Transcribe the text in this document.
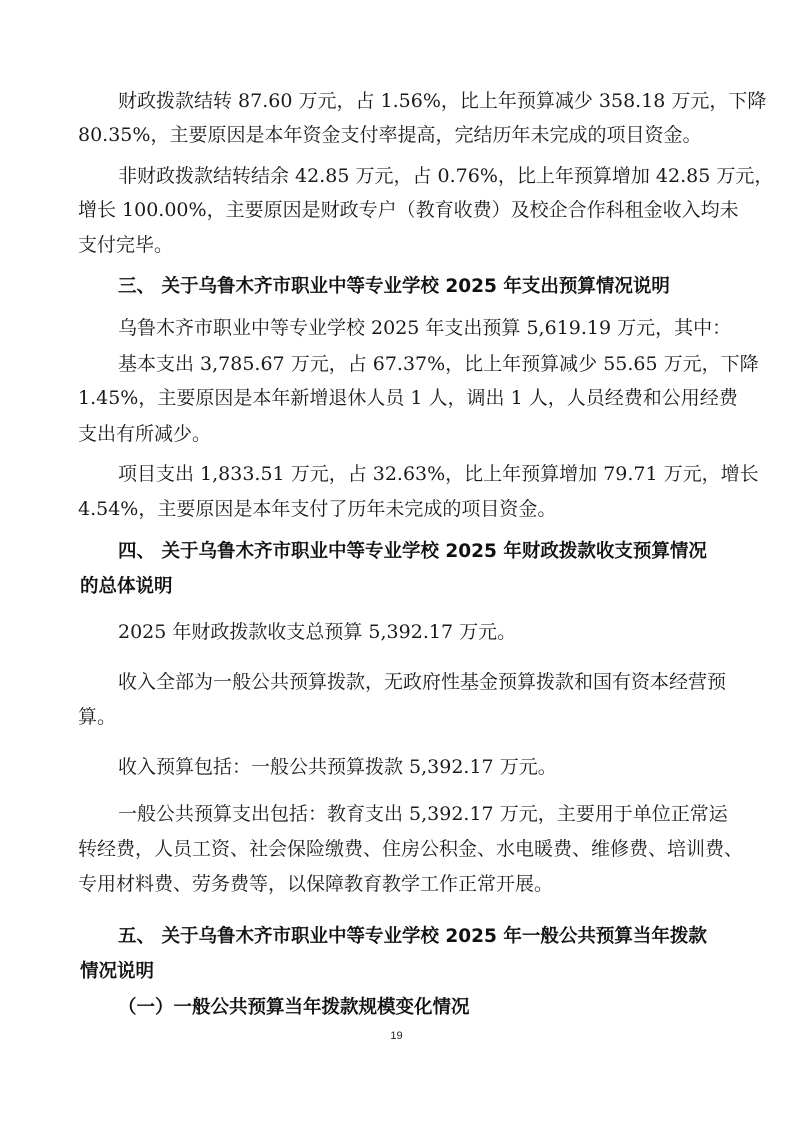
财政拨款结转 87.60 万元，占 1.56%，比上年预算减少 358.18 万元，下降
80.35%，主要原因是本年资金支付率提高，完结历年未完成的项目资金。
非财政拨款结转结余 42.85 万元，占 0.76%，比上年预算增加 42.85 万元，
增长 100.00%，主要原因是财政专户（教育收费）及校企合作科租金收入均未
支付完毕。
三、 关于乌鲁木齐市职业中等专业学校 2025 年支出预算情况说明
乌鲁木齐市职业中等专业学校 2025 年支出预算 5,619.19 万元，其中：
基本支出 3,785.67 万元，占 67.37%，比上年预算减少 55.65 万元，下降
1.45%，主要原因是本年新增退休人员 1 人，调出 1 人，人员经费和公用经费
支出有所减少。
项目支出 1,833.51 万元，占 32.63%，比上年预算增加 79.71 万元，增长
4.54%，主要原因是本年支付了历年未完成的项目资金。
四、 关于乌鲁木齐市职业中等专业学校 2025 年财政拨款收支预算情况
的总体说明
2025 年财政拨款收支总预算 5,392.17 万元。
收入全部为一般公共预算拨款，无政府性基金预算拨款和国有资本经营预
算。
收入预算包括：一般公共预算拨款 5,392.17 万元。
一般公共预算支出包括：教育支出 5,392.17 万元，主要用于单位正常运
转经费，人员工资、社会保险缴费、住房公积金、水电暖费、维修费、培训费、
专用材料费、劳务费等，以保障教育教学工作正常开展。
五、 关于乌鲁木齐市职业中等专业学校 2025 年一般公共预算当年拨款
情况说明
（一）一般公共预算当年拨款规模变化情况
19
